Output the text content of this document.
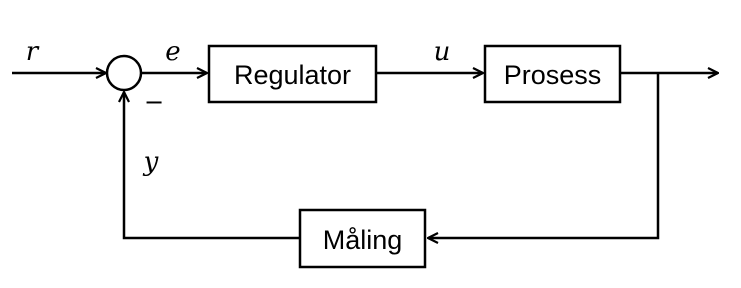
r
−
e
Regulator
u
Prosess
Måling
y
